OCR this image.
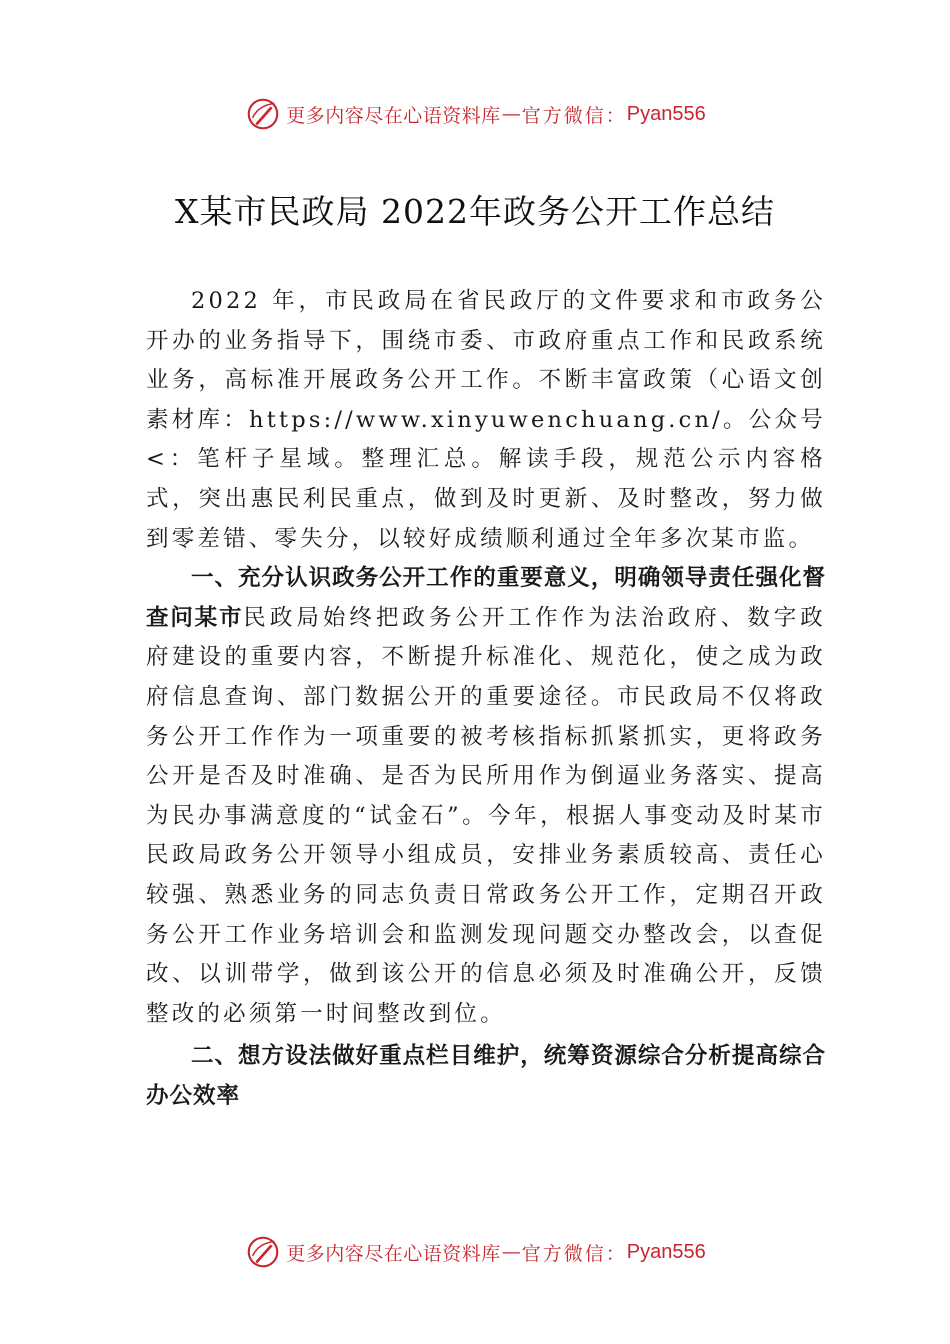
更多内容尽在心语资料库 — 官方微信： Pyan556
X某市民政局 2022年政务公开工作总结

2022 年，市民政局在省民政厅的文件要求和市政务公开办的业务指导下，围绕市委、市政府重点工作和民政系统业务，高标准开展政务公开工作。不断丰富政策（心语文创素材库：https://www.xinyuwenchuang.cn/。公众号<：笔杆子星域。整理汇总。解读手段，规范公示内容格式，突出惠民利民重点，做到及时更新、及时整改，努力做到零差错、零失分，以较好成绩顺利通过全年多次某市监。

一、充分认识政务公开工作的重要意义，明确领导责任强化督查问某市民政局始终把政务公开工作作为法治政府、数字政府建设的重要内容，不断提升标准化、规范化，使之成为政府信息查询、部门数据公开的重要途径。市民政局不仅将政务公开工作作为一项重要的被考核指标抓紧抓实，更将政务公开是否及时准确、是否为民所用作为倒逼业务落实、提高为民办事满意度的“试金石”。今年，根据人事变动及时某市民政局政务公开领导小组成员，安排业务素质较高、责任心较强、熟悉业务的同志负责日常政务公开工作，定期召开政务公开工作业务培训会和监测发现问题交办整改会，以查促改、以训带学，做到该公开的信息必须及时准确公开，反馈整改的必须第一时间整改到位。

二、想方设法做好重点栏目维护，统筹资源综合分析提高综合办公效率

更多内容尽在心语资料库 — 官方微信： Pyan556
